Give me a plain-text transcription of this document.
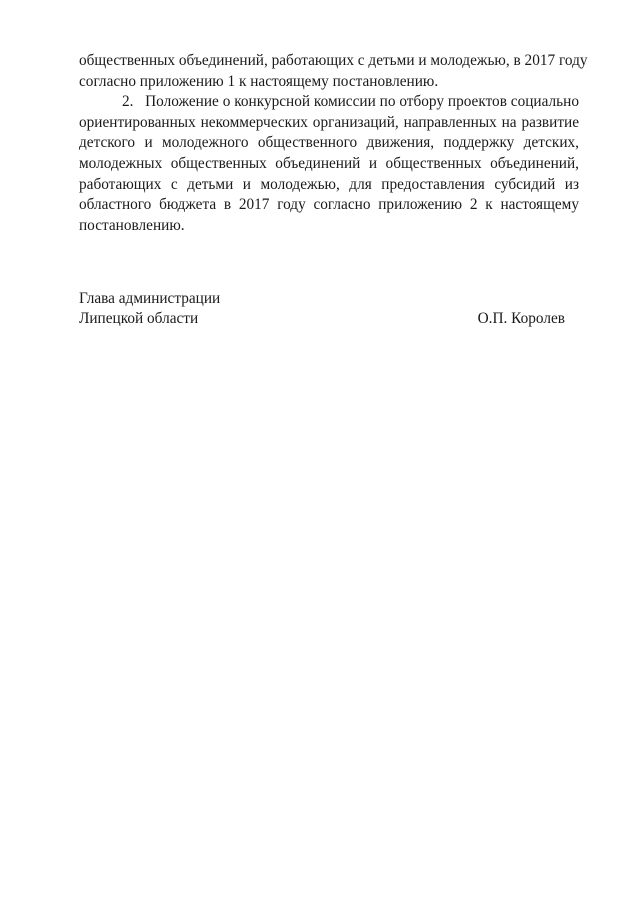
общественных объединений, работающих с детьми и молодежью, в 2017 году
согласно приложению 1 к настоящему постановлению.
2. Положение о конкурсной комиссии по отбору проектов социально
ориентированных некоммерческих организаций, направленных на развитие
детского и молодежного общественного движения, поддержку детских,
молодежных общественных объединений и общественных объединений,
работающих с детьми и молодежью, для предоставления субсидий из
областного бюджета в 2017 году согласно приложению 2 к настоящему
постановлению.
Глава администрации
Липецкой области	О.П. Королев
